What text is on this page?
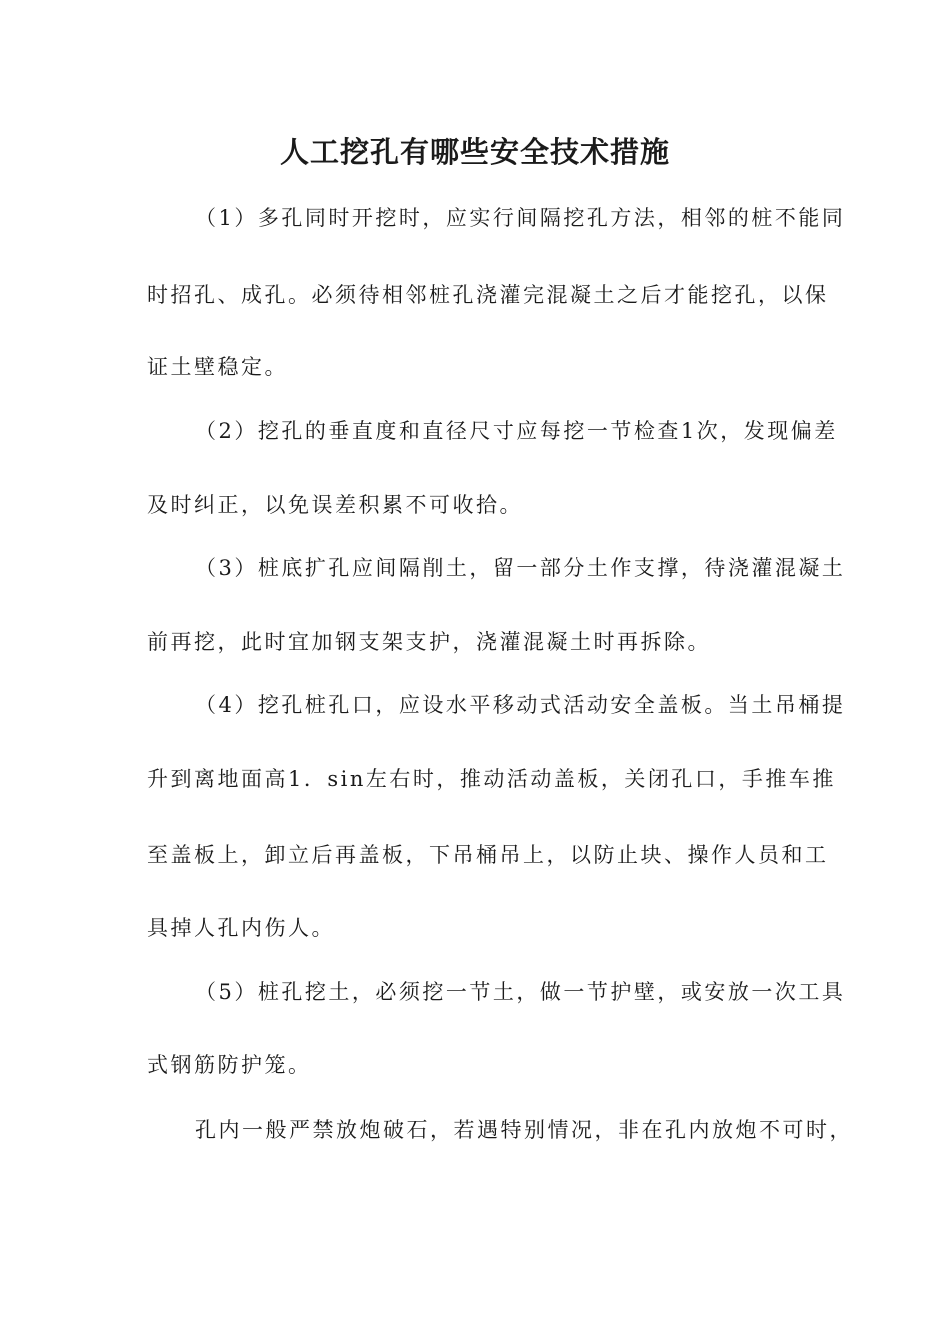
人工挖孔有哪些安全技术措施
（1）多孔同时开挖时，应实行间隔挖孔方法，相邻的桩不能同
时招孔、成孔。必须待相邻桩孔浇灌完混凝土之后才能挖孔，以保
证土壁稳定。
（2）挖孔的垂直度和直径尺寸应每挖一节检查1次，发现偏差
及时纠正，以免误差积累不可收拾。
（3）桩底扩孔应间隔削土，留一部分土作支撑，待浇灌混凝土
前再挖，此时宜加钢支架支护，浇灌混凝土时再拆除。
（4）挖孔桩孔口，应设水平移动式活动安全盖板。当土吊桶提
升到离地面高1．sin左右时，推动活动盖板，关闭孔口，手推车推
至盖板上，卸立后再盖板，下吊桶吊上，以防止块、操作人员和工
具掉人孔内伤人。
（5）桩孔挖土，必须挖一节土，做一节护壁，或安放一次工具
式钢筋防护笼。
孔内一般严禁放炮破石，若遇特别情况，非在孔内放炮不可时，
